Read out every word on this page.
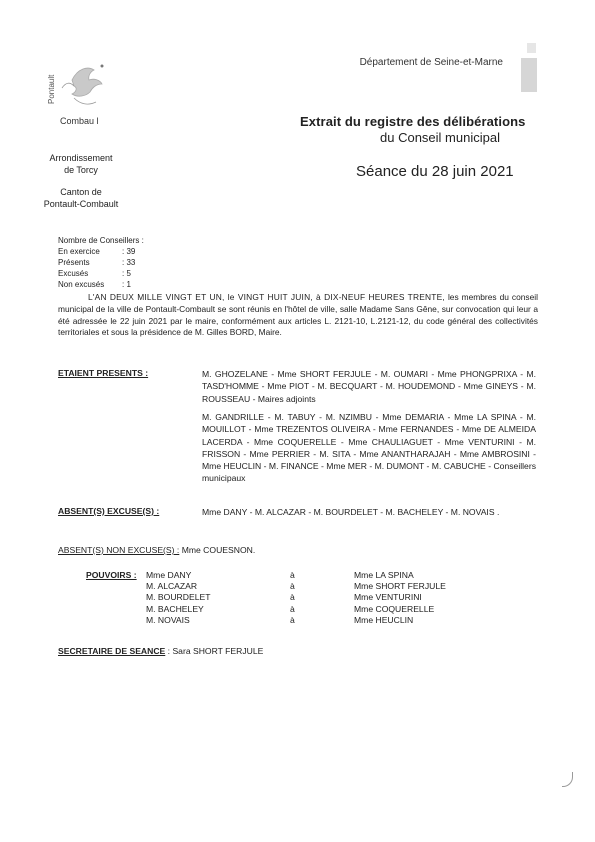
Département de Seine-et-Marne
Pontault
Combau l	Extrait du registre des délibérations
du Conseil municipal
Séance du 28 juin 2021
Arrondissement
de Torcy
Canton de
Pontault-Combault
Nombre de Conseillers :
En exercice	: 39
Présents	: 33
Excusés	: 5
Non excusés	: 1
L'AN DEUX MILLE VINGT ET UN, le VINGT HUIT JUIN, à DIX-NEUF HEURES TRENTE, les membres du conseil municipal de la ville de Pontault-Combault se sont réunis en l'hôtel de ville, salle Madame Sans Gêne, sur convocation qui leur a été adressée le 22 juin 2021 par le maire, conformément aux articles L. 2121-10, L.2121-12, du code général des collectivités territoriales et sous la présidence de M. Gilles BORD, Maire.
ETAIENT PRESENTS :	M. GHOZELANE - Mme SHORT FERJULE - M. OUMARI - Mme PHONGPRIXA - M. TASD'HOMME - Mme PIOT - M. BECQUART - M. HOUDEMOND - Mme GINEYS - M. ROUSSEAU - Maires adjoints
M. GANDRILLE - M. TABUY - M. NZIMBU - Mme DEMARIA - Mme LA SPINA - M. MOUILLOT - Mme TREZENTOS OLIVEIRA - Mme FERNANDES - Mme DE ALMEIDA LACERDA - Mme COQUERELLE - Mme CHAULIAGUET - Mme VENTURINI - M. FRISSON - Mme PERRIER - M. SITA - Mme ANANTHARAJAH - Mme AMBROSINI - Mme HEUCLIN - M. FINANCE - Mme MER - M. DUMONT - M. CABUCHE - Conseillers municipaux
ABSENT(S) EXCUSE(S) :	Mme DANY - M. ALCAZAR - M. BOURDELET - M. BACHELEY - M. NOVAIS .
ABSENT(S) NON EXCUSE(S) : Mme COUESNON.
POUVOIRS : Mme DANY	à	Mme LA SPINA
M. ALCAZAR	à	Mme SHORT FERJULE
M. BOURDELET	à	Mme VENTURINI
M. BACHELEY	à	Mme COQUERELLE
M. NOVAIS	à	Mme HEUCLIN
SECRETAIRE DE SEANCE : Sara SHORT FERJULE
